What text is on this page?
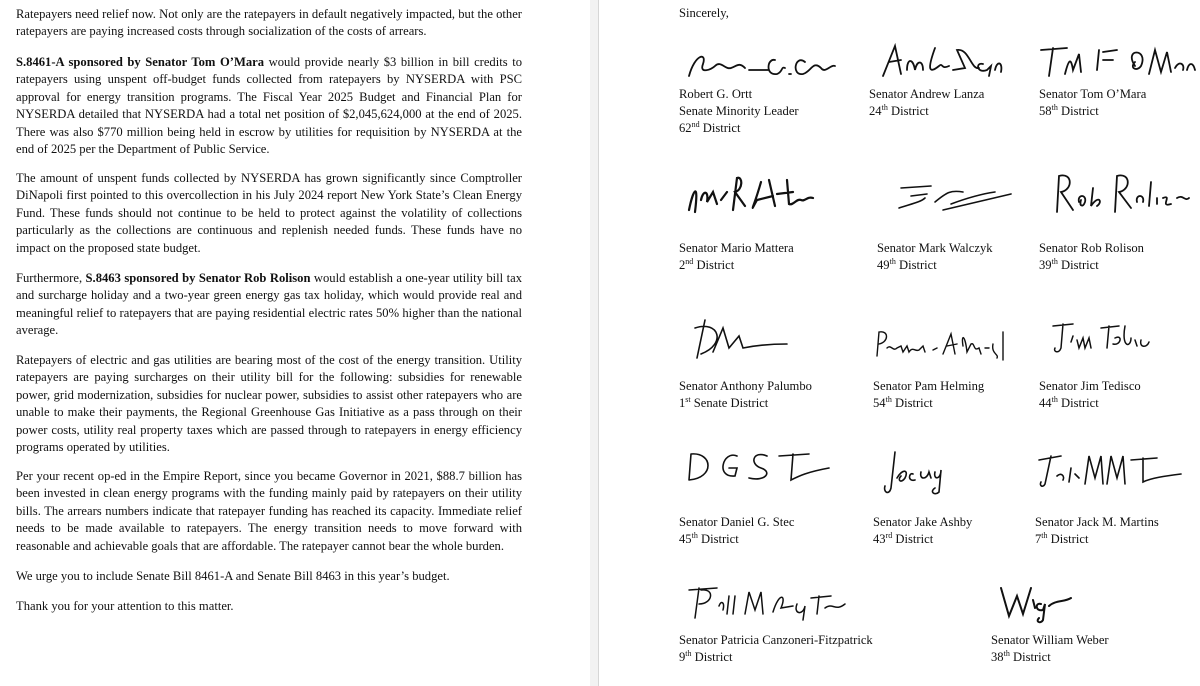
Ratepayers need relief now. Not only are the ratepayers in default negatively impacted, but the other ratepayers are paying increased costs through socialization of the costs of arrears.

S.8461-A sponsored by Senator Tom O’Mara would provide nearly $3 billion in bill credits to ratepayers using unspent off-budget funds collected from ratepayers by NYSERDA with PSC approval for energy transition programs. The Fiscal Year 2025 Budget and Financial Plan for NYSERDA detailed that NYSERDA had a total net position of $2,045,624,000 at the end of 2025. There was also $770 million being held in escrow by utilities for requisition by NYSERDA at the end of 2025 per the Department of Public Service.

The amount of unspent funds collected by NYSERDA has grown significantly since Comptroller DiNapoli first pointed to this overcollection in his July 2024 report New York State’s Clean Energy Fund. These funds should not continue to be held to protect against the volatility of collections particularly as the collections are continuous and replenish needed funds. These funds have no impact on the proposed state budget.

Furthermore, S.8463 sponsored by Senator Rob Rolison would establish a one-year utility bill tax and surcharge holiday and a two-year green energy gas tax holiday, which would provide real and meaningful relief to ratepayers that are paying residential electric rates 50% higher than the national average.

Ratepayers of electric and gas utilities are bearing most of the cost of the energy transition. Utility ratepayers are paying surcharges on their utility bill for the following: subsidies for renewable power, grid modernization, subsidies for nuclear power, subsidies to assist other ratepayers who are unable to make their payments, the Regional Greenhouse Gas Initiative as a pass through on their power costs, utility real property taxes which are passed through to ratepayers in energy efficiency programs operated by utilities.

Per your recent op-ed in the Empire Report, since you became Governor in 2021, $88.7 billion has been invested in clean energy programs with the funding mainly paid by ratepayers on their utility bills. The arrears numbers indicate that ratepayer funding has reached its capacity. Immediate relief needs to be made available to ratepayers. The energy transition needs to move forward with reasonable and achievable goals that are affordable. The ratepayer cannot bear the whole burden.

We urge you to include Senate Bill 8461-A and Senate Bill 8463 in this year’s budget.

Thank you for your attention to this matter.

Sincerely,
Robert G. Ortt
Senate Minority Leader
62nd District
Senator Andrew Lanza
24th District
Senator Tom O’Mara
58th District
Senator Mario Mattera
2nd District
Senator Mark Walczyk
49th District
Senator Rob Rolison
39th District
Senator Anthony Palumbo
1st Senate District
Senator Pam Helming
54th District
Senator Jim Tedisco
44th District
Senator Daniel G. Stec
45th District
Senator Jake Ashby
43rd District
Senator Jack M. Martins
7th District
Senator Patricia Canzoneri-Fitzpatrick
9th District
Senator William Weber
38th District
